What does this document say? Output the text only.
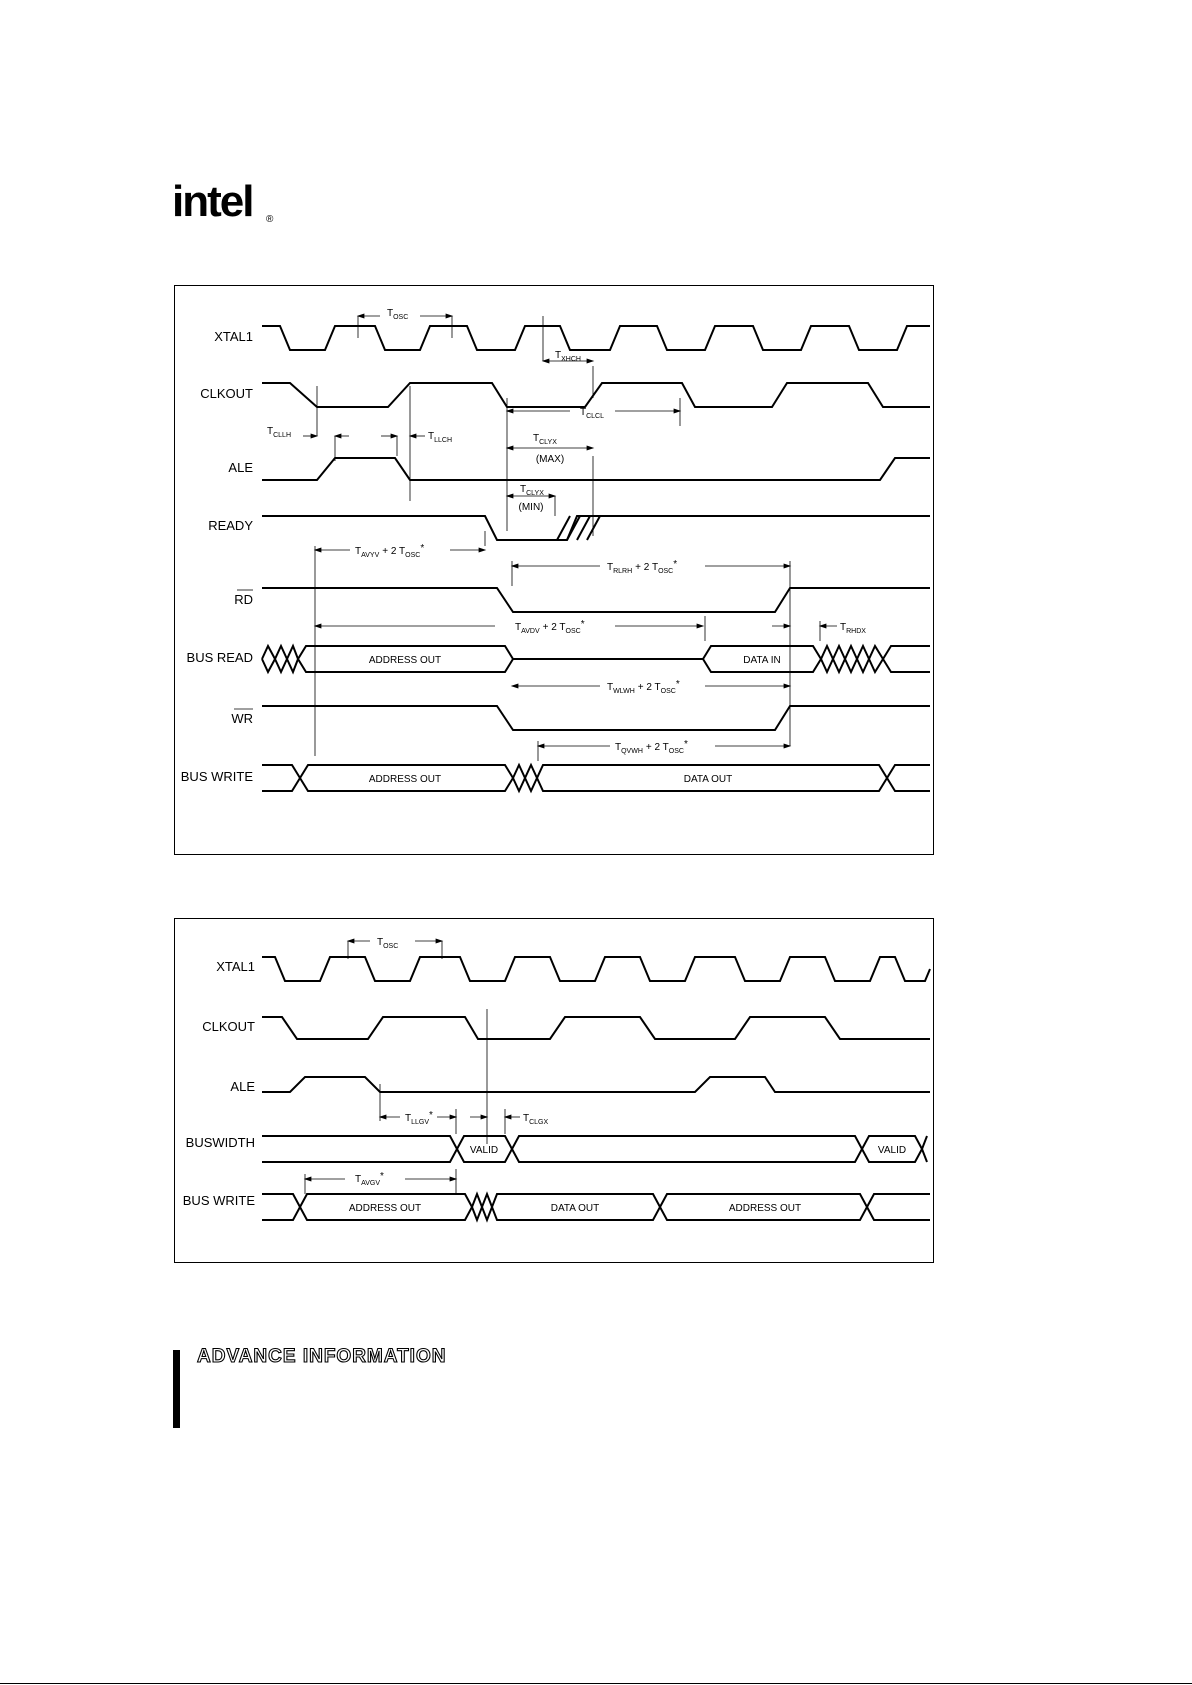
intel ®
XTAL1
CLKOUT
ALE
READY
RD
BUS READ
WR
BUS WRITE
ADDRESS OUT	DATA IN
ADDRESS OUT	DATA OUT
$T_{OSC}$
$T_{XHCH}$
$T_{CLCL}$
$T_{CLLH}$	$T_{LLCH}$	$T_{CLYX}$
(MAX)
$T_{CLYX}$
(MIN)
$T_{AVYV} + 2$ $T_{OSC}*$
$T_{RLRH} + 2$ $T_{OSC}*$
$T_{AVDV} + 2$ $T_{OSC}*$	$T_{RHDX}$
$T_{WLWH} + 2$ $T_{OSC}*$
$T_{QVWH} + 2$ $T_{OSC}*$
XTAL1
CLKOUT
ALE
BUSWIDTH
BUS WRITE
VALID	VALID
ADDRESS OUT	DATA OUT	ADDRESS OUT
$T_{OSC}$
$T_{LLGV}*$	$T_{CLGX}$
$T_{AVGV}*$
ADVANCE INFORMATION
